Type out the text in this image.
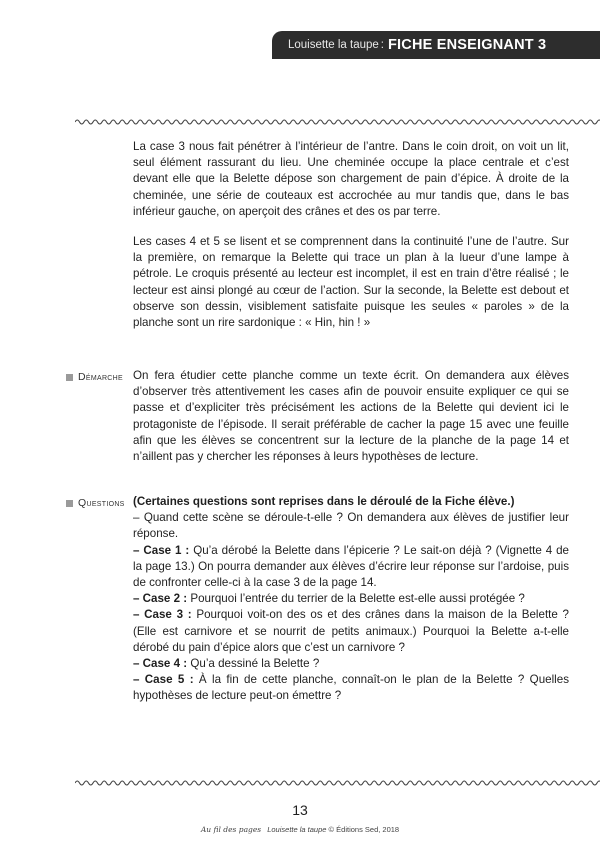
Louisette la taupe : FICHE ENSEIGNANT 3

La case 3 nous fait pénétrer à l’intérieur de l’antre. Dans le coin droit, on voit un lit, seul élément rassurant du lieu. Une cheminée occupe la place centrale et c’est devant elle que la Belette dépose son chargement de pain d’épice. À droite de la cheminée, une série de couteaux est accrochée au mur tandis que, dans le bas inférieur gauche, on aperçoit des crânes et des os par terre.

Les cases 4 et 5 se lisent et se comprennent dans la continuité l’une de l’autre. Sur la première, on remarque la Belette qui trace un plan à la lueur d’une lampe à pétrole. Le croquis présenté au lecteur est incomplet, il est en train d’être réalisé ; le lecteur est ainsi plongé au cœur de l’action. Sur la seconde, la Belette est debout et observe son dessin, visiblement satisfaite puisque les seules « paroles » de la planche sont un rire sardonique : « Hin, hin ! »

Démarche On fera étudier cette planche comme un texte écrit. On demandera aux élèves d’observer très attentivement les cases afin de pouvoir ensuite expliquer ce qui se passe et d’expliciter très précisément les actions de la Belette qui devient ici le protagoniste de l’épisode. Il serait préférable de cacher la page 15 avec une feuille afin que les élèves se concentrent sur la lecture de la planche de la page 14 et n’aillent pas y chercher les réponses à leurs hypothèses de lecture.

Questions (Certaines questions sont reprises dans le déroulé de la Fiche élève.)

– Quand cette scène se déroule-t-elle ? On demandera aux élèves de justifier leur réponse.

– Case 1 : Qu’a dérobé la Belette dans l’épicerie ? Le sait-on déjà ? (Vignette 4 de la page 13.) On pourra demander aux élèves d’écrire leur réponse sur l’ardoise, puis de confronter celle-ci à la case 3 de la page 14.

– Case 2 : Pourquoi l’entrée du terrier de la Belette est-elle aussi protégée ?

– Case 3 : Pourquoi voit-on des os et des crânes dans la maison de la Belette ? (Elle est carnivore et se nourrit de petits animaux.) Pourquoi la Belette a-t-elle dérobé du pain d’épice alors que c’est un carnivore ?

– Case 4 : Qu’a dessiné la Belette ?

– Case 5 : À la fin de cette planche, connaît-on le plan de la Belette ? Quelles hypothèses de lecture peut-on émettre ?

13
Au fil des pages Louisette la taupe © Éditions Sed, 2018
